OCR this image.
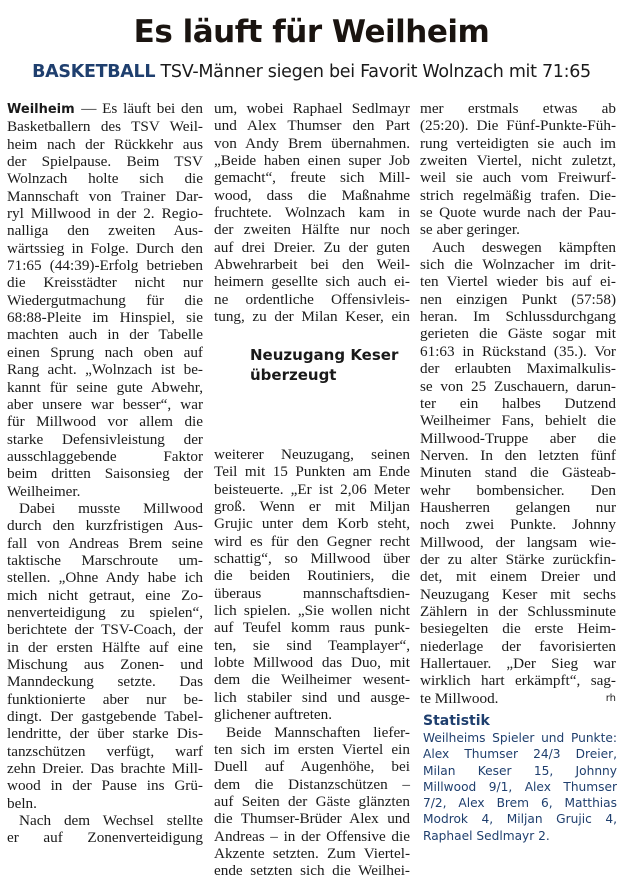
Es läuft für Weilheim
BASKETBALL TSV-Männer siegen bei Favorit Wolnzach mit 71:65
Weilheim — Es läuft bei den
Basketballern des TSV Weil-
heim nach der Rückkehr aus
der Spielpause. Beim TSV
Wolnzach holte sich die
Mannschaft von Trainer Dar-
ryl Millwood in der 2. Regio-
nalliga den zweiten Aus-
wärtssieg in Folge. Durch den
71:65 (44:39)-Erfolg betrieben
die Kreisstädter nicht nur
Wiedergutmachung für die
68:88-Pleite im Hinspiel, sie
machten auch in der Tabelle
einen Sprung nach oben auf
Rang acht. „Wolnzach ist be-
kannt für seine gute Abwehr,
aber unsere war besser“, war
für Millwood vor allem die
starke Defensivleistung der
ausschlaggebende Faktor
beim dritten Saisonsieg der
Weilheimer.
Dabei musste Millwood
durch den kurzfristigen Aus-
fall von Andreas Brem seine
taktische Marschroute um-
stellen. „Ohne Andy habe ich
mich nicht getraut, eine Zo-
nenverteidigung zu spielen“,
berichtete der TSV-Coach, der
in der ersten Hälfte auf eine
Mischung aus Zonen- und
Manndeckung setzte. Das
funktionierte aber nur be-
dingt. Der gastgebende Tabel-
lendritte, der über starke Dis-
tanzschützen verfügt, warf
zehn Dreier. Das brachte Mill-
wood in der Pause ins Grü-
beln.
Nach dem Wechsel stellte
er auf Zonenverteidigung
um, wobei Raphael Sedlmayr
und Alex Thumser den Part
von Andy Brem übernahmen.
„Beide haben einen super Job
gemacht“, freute sich Mill-
wood, dass die Maßnahme
fruchtete. Wolnzach kam in
der zweiten Hälfte nur noch
auf drei Dreier. Zu der guten
Abwehrarbeit bei den Weil-
heimern gesellte sich auch ei-
ne ordentliche Offensivleis-
tung, zu der Milan Keser, ein
Neuzugang Keser überzeugt
weiterer Neuzugang, seinen
Teil mit 15 Punkten am Ende
beisteuerte. „Er ist 2,06 Meter
groß. Wenn er mit Miljan
Grujic unter dem Korb steht,
wird es für den Gegner recht
schattig“, so Millwood über
die beiden Routiniers, die
überaus mannschaftsdien-
lich spielen. „Sie wollen nicht
auf Teufel komm raus punk-
ten, sie sind Teamplayer“,
lobte Millwood das Duo, mit
dem die Weilheimer wesent-
lich stabiler sind und ausge-
glichener auftreten.
Beide Mannschaften liefer-
ten sich im ersten Viertel ein
Duell auf Augenhöhe, bei
dem die Distanzschützen –
auf Seiten der Gäste glänzten
die Thumser-Brüder Alex und
Andreas – in der Offensive die
Akzente setzten. Zum Viertel-
ende setzten sich die Weilhei-
mer erstmals etwas ab
(25:20). Die Fünf-Punkte-Füh-
rung verteidigten sie auch im
zweiten Viertel, nicht zuletzt,
weil sie auch vom Freiwurf-
strich regelmäßig trafen. Die-
se Quote wurde nach der Pau-
se aber geringer.
Auch deswegen kämpften
sich die Wolnzacher im drit-
ten Viertel wieder bis auf ei-
nen einzigen Punkt (57:58)
heran. Im Schlussdurchgang
gerieten die Gäste sogar mit
61:63 in Rückstand (35.). Vor
der erlaubten Maximalkulis-
se von 25 Zuschauern, darun-
ter ein halbes Dutzend
Weilheimer Fans, behielt die
Millwood-Truppe aber die
Nerven. In den letzten fünf
Minuten stand die Gästeab-
wehr bombensicher. Den
Hausherren gelangen nur
noch zwei Punkte. Johnny
Millwood, der langsam wie-
der zu alter Stärke zurückfin-
det, mit einem Dreier und
Neuzugang Keser mit sechs
Zählern in der Schlussminute
besiegelten die erste Heim-
niederlage der favorisierten
Hallertauer. „Der Sieg war
wirklich hart erkämpft“, sag-
te Millwood.	rh
Statistik
Weilheims Spieler und Punkte: Alex Thumser 24/3 Dreier, Milan Keser 15, Johnny Millwood 9/1, Alex Thumser 7/2, Alex Brem 6, Matthias Modrok 4, Miljan Grujic 4, Raphael Sedlmayr 2.
